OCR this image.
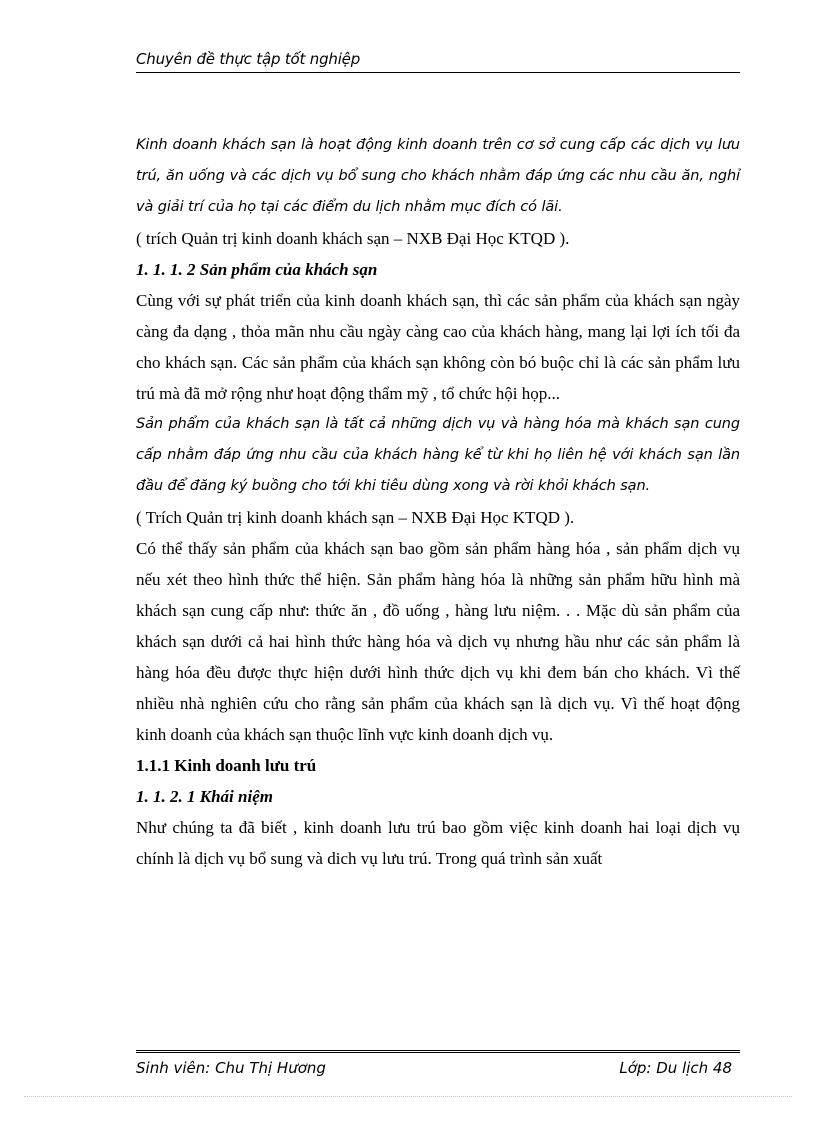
Chuyên đề thực tập tốt nghiệp

Kinh doanh khách sạn là hoạt động kinh doanh trên cơ sở cung cấp các dịch vụ lưu trú, ăn uống và các dịch vụ bổ sung cho khách nhằm đáp ứng các nhu cầu ăn, nghỉ và giải trí của họ tại các điểm du lịch nhằm mục đích có lãi.

( trích Quản trị kinh doanh khách sạn – NXB Đại Học KTQD ).

1. 1. 1. 2 Sản phẩm của khách sạn

Cùng với sự phát triển của kinh doanh khách sạn, thì các sản phẩm của khách sạn ngày càng đa dạng , thỏa mãn nhu cầu ngày càng cao của khách hàng, mang lại lợi ích tối đa cho khách sạn. Các sản phẩm của khách sạn không còn bó buộc chỉ là các sản phẩm lưu trú mà đã mở rộng như hoạt động thẩm mỹ , tổ chức hội họp...

Sản phẩm của khách sạn là tất cả những dịch vụ và hàng hóa mà khách sạn cung cấp nhằm đáp ứng nhu cầu của khách hàng kể từ khi họ liên hệ với khách sạn lần đầu để đăng ký buồng cho tới khi tiêu dùng xong và rời khỏi khách sạn.

( Trích Quản trị kinh doanh khách sạn – NXB Đại Học KTQD ).

Có thể thấy sản phẩm của khách sạn bao gồm sản phẩm hàng hóa , sản phẩm dịch vụ nếu xét theo hình thức thể hiện. Sản phẩm hàng hóa là những sản phẩm hữu hình mà khách sạn cung cấp như: thức ăn , đồ uống , hàng lưu niệm. . . Mặc dù sản phẩm của khách sạn dưới cả hai hình thức hàng hóa và dịch vụ nhưng hầu như các sản phẩm là hàng hóa đều được thực hiện dưới hình thức dịch vụ khi đem bán cho khách. Vì thế nhiều nhà nghiên cứu cho rằng sản phẩm của khách sạn là dịch vụ. Vì thế hoạt động kinh doanh của khách sạn thuộc lĩnh vực kinh doanh dịch vụ.

1.1.1 Kinh doanh lưu trú

1. 1. 2. 1 Khái niệm

Như chúng ta đã biết , kinh doanh lưu trú bao gồm việc kinh doanh hai loại dịch vụ chính là dịch vụ bổ sung và dich vụ lưu trú. Trong quá trình sản xuất

Sinh viên: Chu Thị Hương	Lớp: Du lịch 48
